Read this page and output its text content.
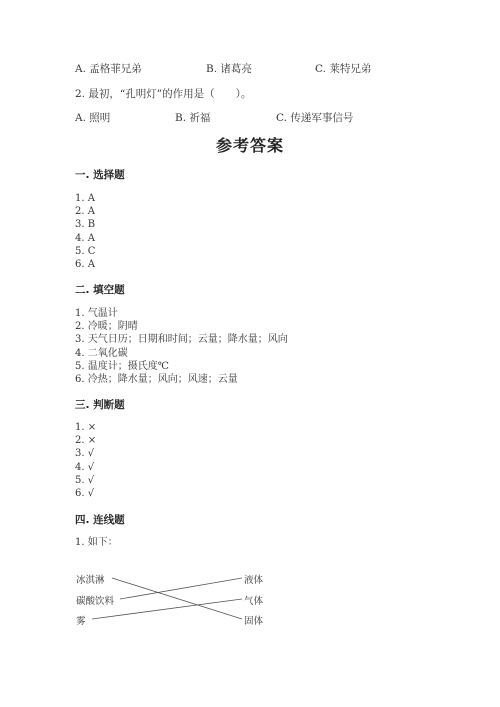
A. 孟格菲兄弟	B. 诸葛亮	C. 莱特兄弟
2. 最初，“孔明灯”的作用是（　　）。
A. 照明	B. 祈福	C. 传递军事信号
参考答案
一. 选择题
1. A
2. A
3. B
4. A
5. C
6. A
二. 填空题
1. 气温计
2. 冷暖；阴晴
3. 天气日历；日期和时间；云量；降水量；风向
4. 二氧化碳
5. 温度计；摄氏度℃
6. 冷热；降水量；风向；风速；云量
三. 判断题
1. ×
2. ×
3. √
4. √
5. √
6. √
四. 连线题
1. 如下：
冰淇淋
碳酸饮料
雾
液体
气体
固体
